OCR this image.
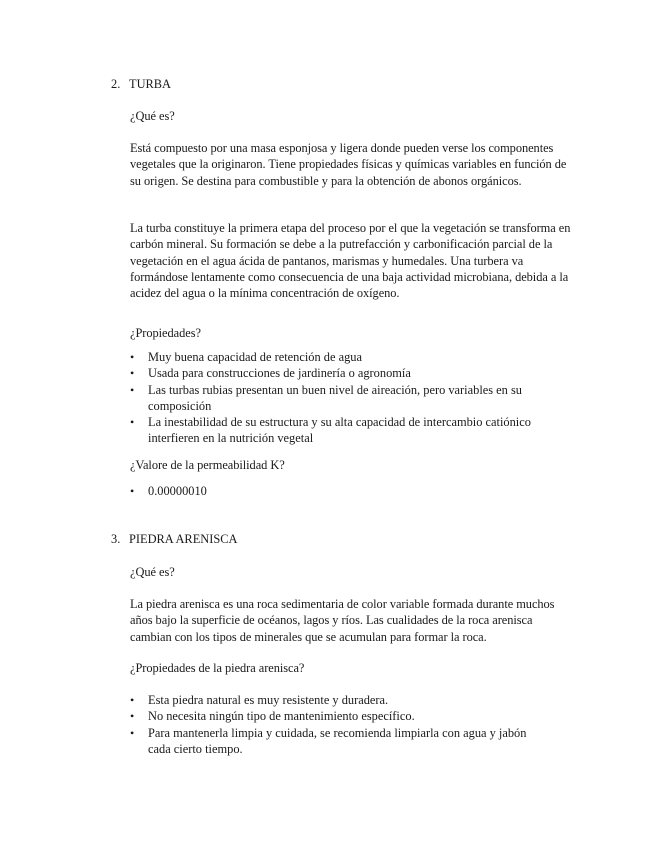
2. TURBA

¿Qué es?

Está compuesto por una masa esponjosa y ligera donde pueden verse los componentes vegetales que la originaron. Tiene propiedades físicas y químicas variables en función de su origen. Se destina para combustible y para la obtención de abonos orgánicos.

La turba constituye la primera etapa del proceso por el que la vegetación se transforma en carbón mineral. Su formación se debe a la putrefacción y carbonificación parcial de la vegetación en el agua ácida de pantanos, marismas y humedales. Una turbera va formándose lentamente como consecuencia de una baja actividad microbiana, debida a la acidez del agua o la mínima concentración de oxígeno.

¿Propiedades?

•	Muy buena capacidad de retención de agua
•	Usada para construcciones de jardinería o agronomía
•	Las turbas rubias presentan un buen nivel de aireación, pero variables en su composición
•	La inestabilidad de su estructura y su alta capacidad de intercambio catiónico interfieren en la nutrición vegetal

¿Valore de la permeabilidad K?

•	0.00000010
3. PIEDRA ARENISCA

¿Qué es?

La piedra arenisca es una roca sedimentaria de color variable formada durante muchos años bajo la superficie de océanos, lagos y ríos. Las cualidades de la roca arenisca cambian con los tipos de minerales que se acumulan para formar la roca.

¿Propiedades de la piedra arenisca?

•	Esta piedra natural es muy resistente y duradera.
•	No necesita ningún tipo de mantenimiento específico.
•	Para mantenerla limpia y cuidada, se recomienda limpiarla con agua y jabón cada cierto tiempo.
